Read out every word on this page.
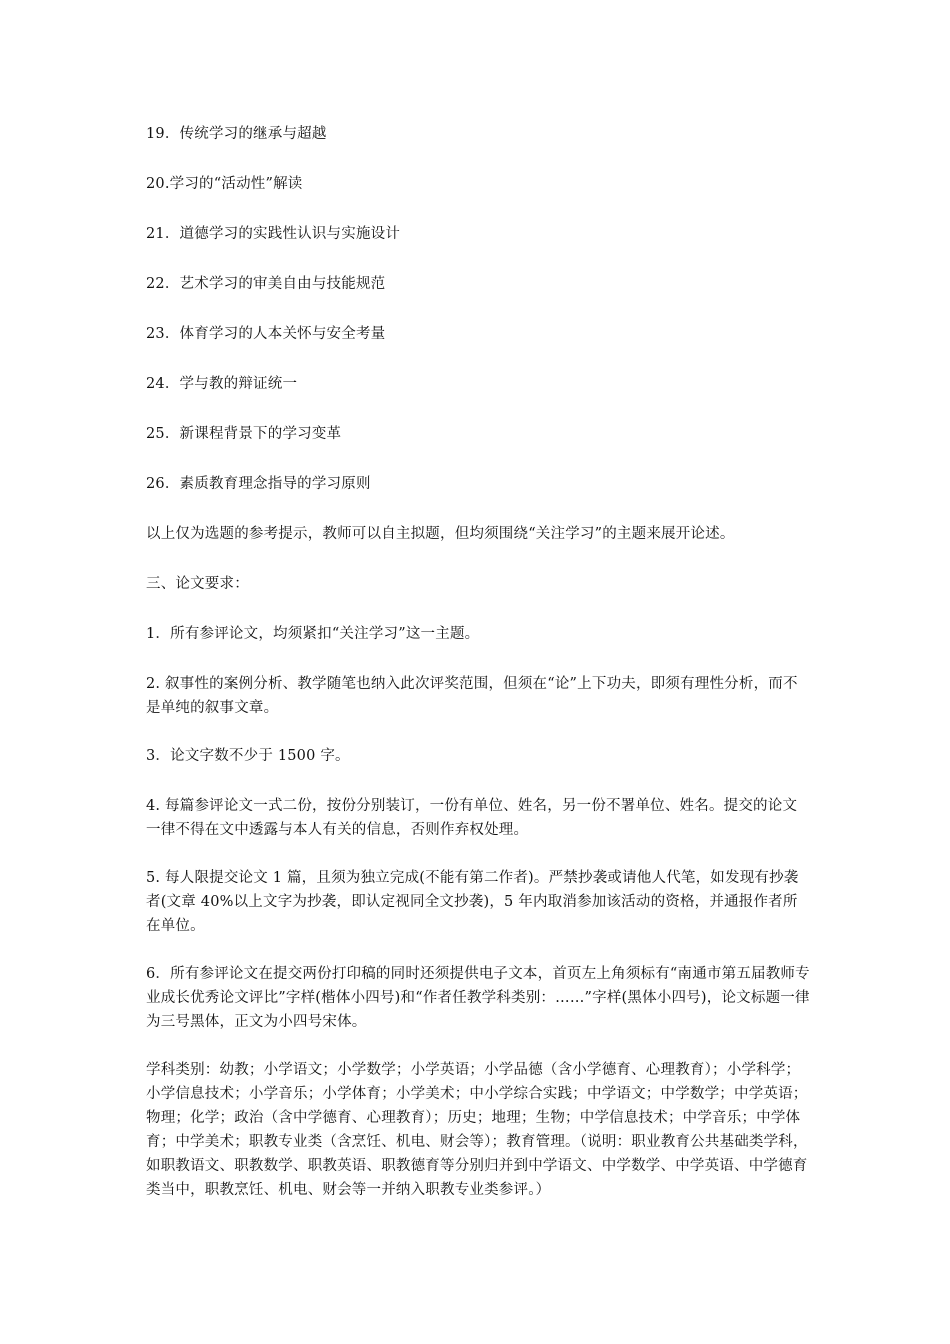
19．传统学习的继承与超越

20.学习的“活动性”解读

21．道德学习的实践性认识与实施设计

22．艺术学习的审美自由与技能规范

23．体育学习的人本关怀与安全考量

24．学与教的辩证统一

25．新课程背景下的学习变革

26．素质教育理念指导的学习原则

以上仅为选题的参考提示，教师可以自主拟题，但均须围绕“关注学习”的主题来展开论述。

三、论文要求：

1．所有参评论文，均须紧扣“关注学习”这一主题。

2. 叙事性的案例分析、教学随笔也纳入此次评奖范围，但须在“论”上下功夫，即须有理性分析，而不是单纯的叙事文章。

3．论文字数不少于 1500 字。

4. 每篇参评论文一式二份，按份分别装订，一份有单位、姓名，另一份不署单位、姓名。提交的论文一律不得在文中透露与本人有关的信息，否则作弃权处理。

5. 每人限提交论文 1 篇，且须为独立完成(不能有第二作者)。严禁抄袭或请他人代笔，如发现有抄袭者(文章 40%以上文字为抄袭，即认定视同全文抄袭)，5 年内取消参加该活动的资格，并通报作者所在单位。

6．所有参评论文在提交两份打印稿的同时还须提供电子文本，首页左上角须标有“南通市第五届教师专业成长优秀论文评比”字样(楷体小四号)和“作者任教学科类别：……”字样(黑体小四号)，论文标题一律为三号黑体，正文为小四号宋体。

学科类别：幼教；小学语文；小学数学；小学英语；小学品德（含小学德育、心理教育）；小学科学；小学信息技术；小学音乐；小学体育；小学美术；中小学综合实践；中学语文；中学数学；中学英语；物理；化学；政治（含中学德育、心理教育）；历史；地理；生物；中学信息技术；中学音乐；中学体育；中学美术；职教专业类（含烹饪、机电、财会等）；教育管理。（说明：职业教育公共基础类学科，如职教语文、职教数学、职教英语、职教德育等分别归并到中学语文、中学数学、中学英语、中学德育类当中，职教烹饪、机电、财会等一并纳入职教专业类参评。）
